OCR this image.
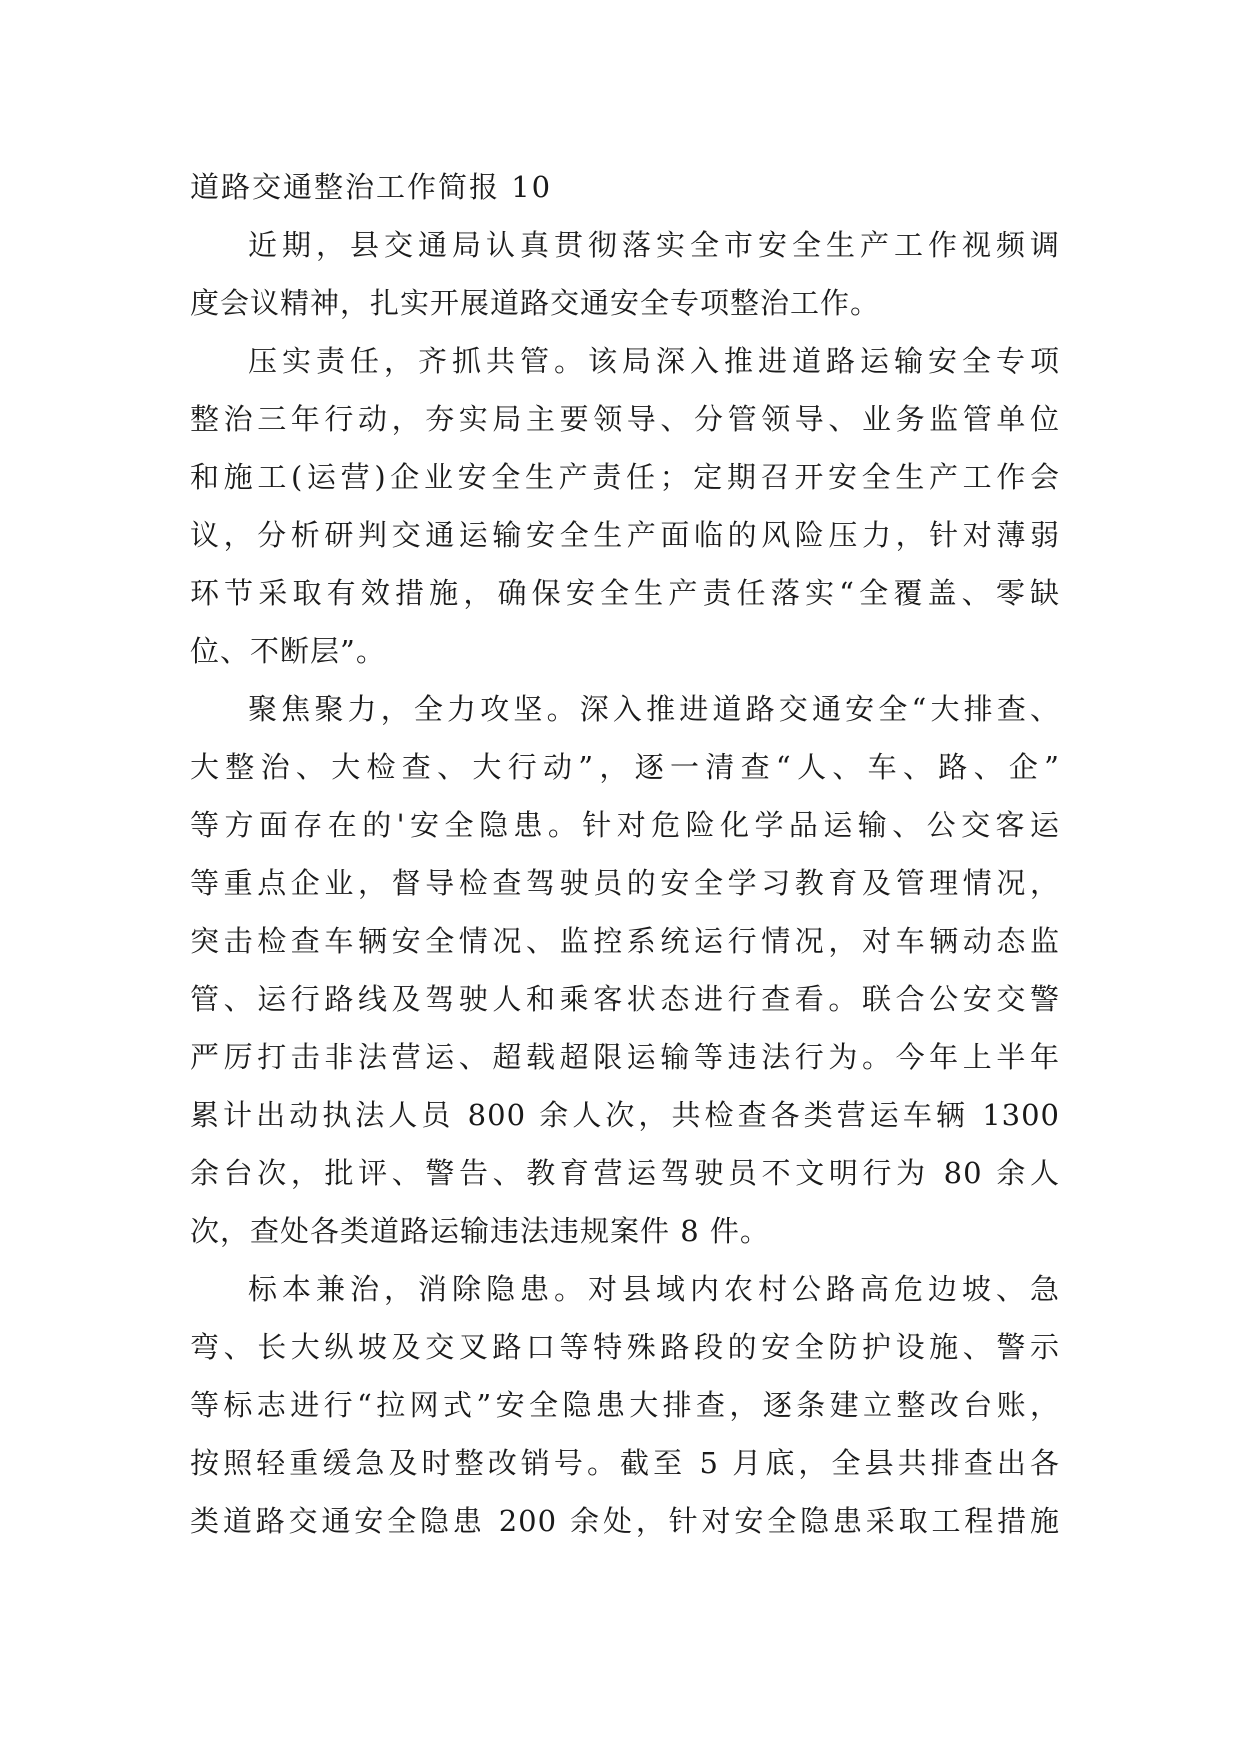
道路交通整治工作简报 10
近期，县交通局认真贯彻落实全市安全生产工作视频调
度会议精神，扎实开展道路交通安全专项整治工作。
压实责任，齐抓共管。该局深入推进道路运输安全专项
整治三年行动，夯实局主要领导、分管领导、业务监管单位
和施工(运营)企业安全生产责任；定期召开安全生产工作会
议，分析研判交通运输安全生产面临的风险压力，针对薄弱
环节采取有效措施，确保安全生产责任落实“全覆盖、零缺
位、不断层”。
聚焦聚力，全力攻坚。深入推进道路交通安全“大排查、
大整治、大检查、大行动”，逐一清查“人、车、路、企”
等方面存在的'安全隐患。针对危险化学品运输、公交客运
等重点企业，督导检查驾驶员的安全学习教育及管理情况，
突击检查车辆安全情况、监控系统运行情况，对车辆动态监
管、运行路线及驾驶人和乘客状态进行查看。联合公安交警
严厉打击非法营运、超载超限运输等违法行为。今年上半年
累计出动执法人员 800 余人次，共检查各类营运车辆 1300
余台次，批评、警告、教育营运驾驶员不文明行为 80 余人
次，查处各类道路运输违法违规案件 8 件。
标本兼治，消除隐患。对县域内农村公路高危边坡、急
弯、长大纵坡及交叉路口等特殊路段的安全防护设施、警示
等标志进行“拉网式”安全隐患大排查，逐条建立整改台账，
按照轻重缓急及时整改销号。截至 5 月底，全县共排查出各
类道路交通安全隐患 200 余处，针对安全隐患采取工程措施
